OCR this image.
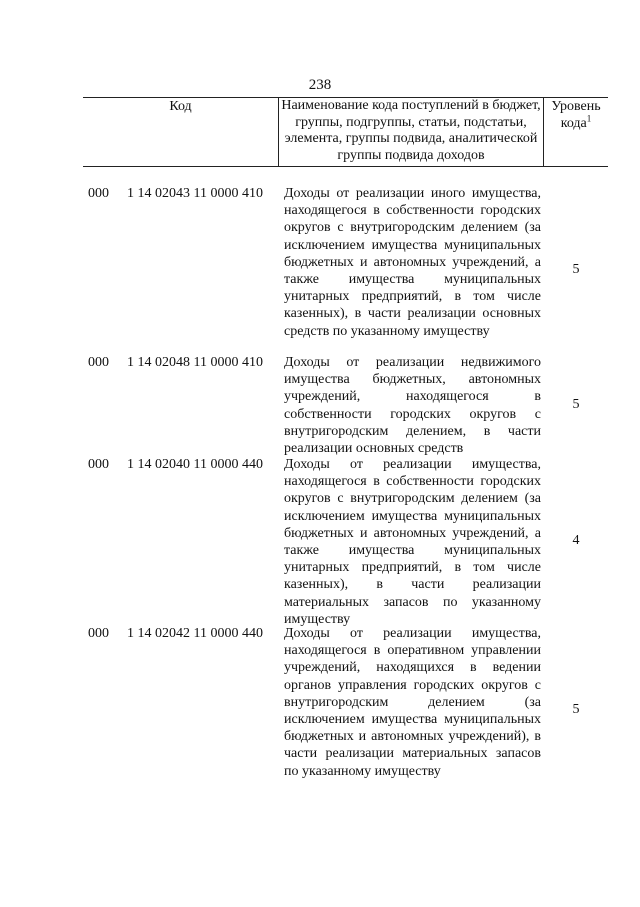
238
Код	Наименование кода поступлений в бюджет, группы, подгруппы, статьи, подстатьи, элемента, группы подвида, аналитической группы подвида доходов
Уровень кода$^1$
000 1 14 02043 11 0000 410 Доходы от реализации иного имущества, находящегося в собственности городских округов с внутригородским делением (за исключением имущества муниципальных бюджетных и автономных учреждений, а также имущества муниципальных унитарных предприятий, в том числе казенных), в части реализации основных средств по указанному имуществу
5
000 1 14 02048 11 0000 410 Доходы от реализации недвижимого имущества бюджетных, автономных учреждений, находящегося в собственности городских округов с внутригородским делением, в части реализации основных средств
5
000 1 14 02040 11 0000 440 Доходы от реализации имущества, находящегося в собственности городских округов с внутригородским делением (за исключением имущества муниципальных бюджетных и автономных учреждений, а также имущества муниципальных унитарных предприятий, в том числе казенных), в части реализации материальных запасов по указанному имуществу
4
000 1 14 02042 11 0000 440 Доходы от реализации имущества, находящегося в оперативном управлении учреждений, находящихся в ведении органов управления городских округов с внутригородским делением (за исключением имущества муниципальных бюджетных и автономных учреждений), в части реализации материальных запасов по указанному имуществу
5
